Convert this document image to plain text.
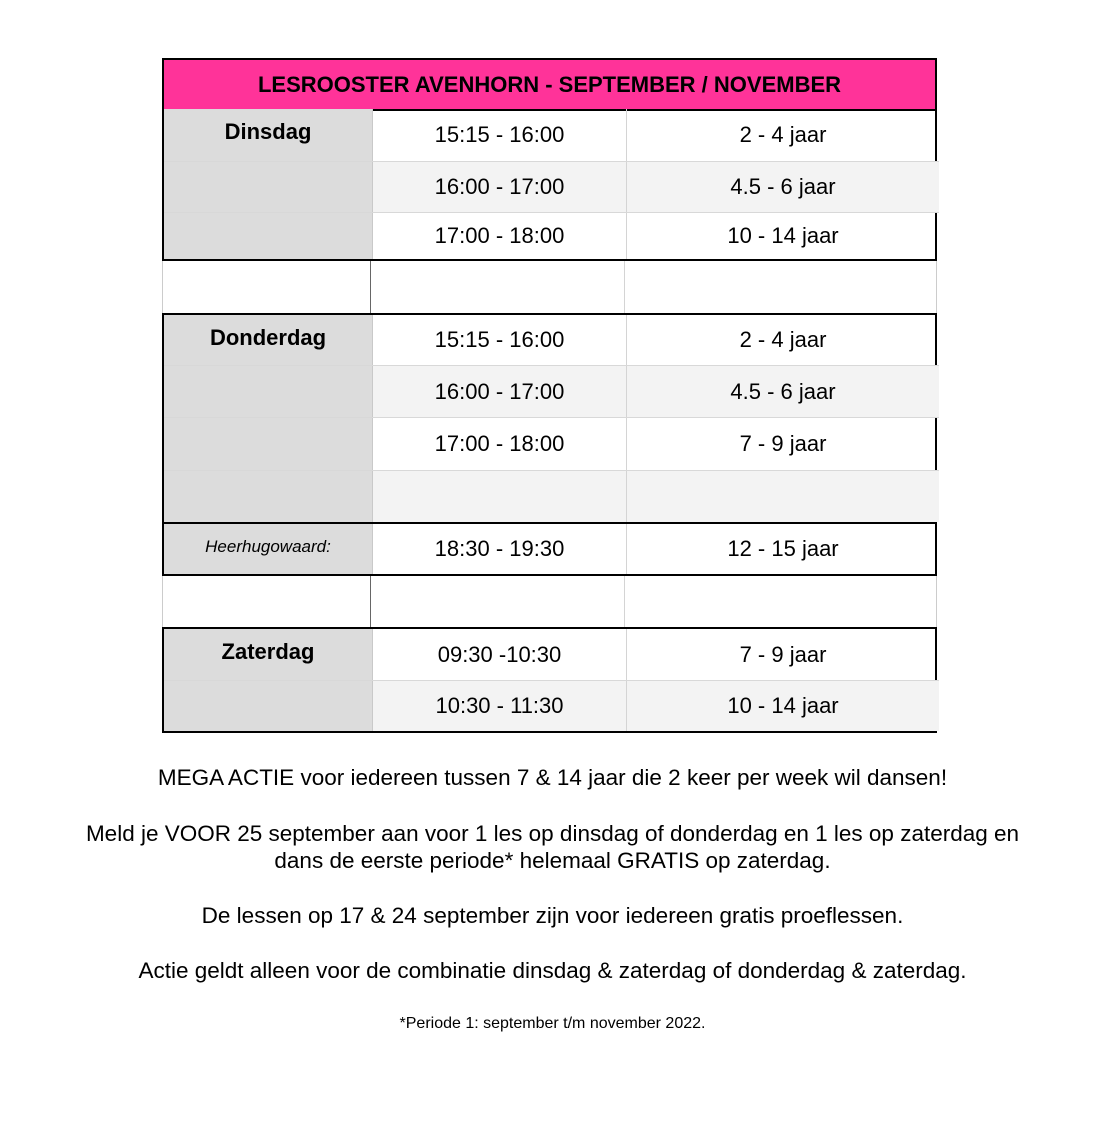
LESROOSTER AVENHORN - SEPTEMBER / NOVEMBER
Dinsdag	15:15 - 16:00	2 - 4 jaar
16:00 - 17:00	4.5 - 6 jaar
17:00 - 18:00	10 - 14 jaar
Donderdag	15:15 - 16:00	2 - 4 jaar
16:00 - 17:00	4.5 - 6 jaar
17:00 - 18:00	7 - 9 jaar
Heerhugowaard:	18:30 - 19:30	12 - 15 jaar
Zaterdag	09:30 -10:30	7 - 9 jaar
10:30 - 11:30	10 - 14 jaar

MEGA ACTIE voor iedereen tussen 7 & 14 jaar die 2 keer per week wil dansen!

Meld je VOOR 25 september aan voor 1 les op dinsdag of donderdag en 1 les op zaterdag en

dans de eerste periode* helemaal GRATIS op zaterdag.

De lessen op 17 & 24 september zijn voor iedereen gratis proeflessen.

Actie geldt alleen voor de combinatie dinsdag & zaterdag of donderdag & zaterdag.

*Periode 1: september t/m november 2022.
